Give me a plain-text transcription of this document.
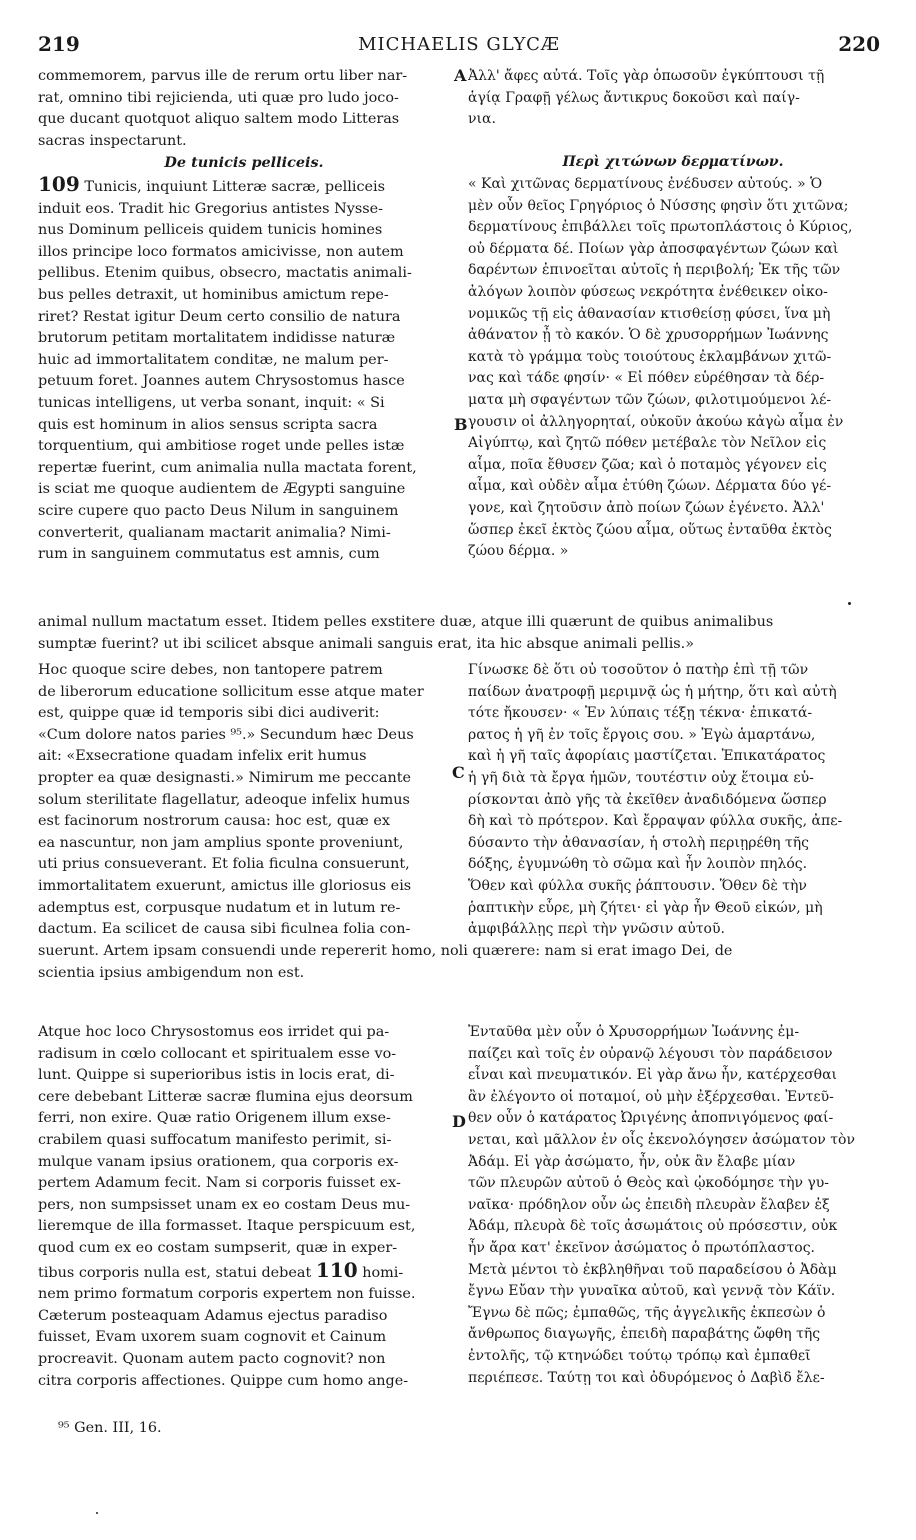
219	MICHAELIS GLYCÆ	220
A
B
C
D
commemorem, parvus ille de rerum ortu liber nar-
rat, omnino tibi rejicienda, uti quæ pro ludo joco-
que ducant quotquot aliquo saltem modo Litteras
sacras inspectarunt.
Ἀλλ' ἄφες αὐτά. Τοῖς γὰρ ὁπωσοῦν ἐγκύπτουσι τῇ
ἁγίᾳ Γραφῇ γέλως ἄντικρυς δοκοῦσι καὶ παίγ-
νια.
De tunicis pelliceis.	Περὶ χιτώνων δερματίνων.
109 Tunicis, inquiunt Litteræ sacræ, pelliceis
induit eos. Tradit hic Gregorius antistes Nysse-
nus Dominum pelliceis quidem tunicis homines
illos principe loco formatos amicivisse, non autem
pellibus. Etenim quibus, obsecro, mactatis animali-
bus pelles detraxit, ut hominibus amictum repe-
riret? Restat igitur Deum certo consilio de natura
brutorum petitam mortalitatem indidisse naturæ
huic ad immortalitatem conditæ, ne malum per-
petuum foret. Joannes autem Chrysostomus hasce
tunicas intelligens, ut verba sonant, inquit: « Si
quis est hominum in alios sensus scripta sacra
torquentium, qui ambitiose roget unde pelles istæ
repertæ fuerint, cum animalia nulla mactata forent,
is sciat me quoque audientem de Ægypti sanguine
scire cupere quo pacto Deus Nilum in sanguinem
converterit, qualianam mactarit animalia? Nimi-
rum in sanguinem commutatus est amnis, cum
« Καὶ χιτῶνας δερματίνους ἐνέδυσεν αὐτούς. » Ὁ
μὲν οὖν θεῖος Γρηγόριος ὁ Νύσσης φησὶν ὅτι χιτῶνα;
δερματίνους ἐπιβάλλει τοῖς πρωτοπλάστοις ὁ Κύριος,
οὐ δέρματα δέ. Ποίων γὰρ ἀποσφαγέντων ζώων καὶ
δαρέντων ἐπινοεῖται αὐτοῖς ἡ περιβολή; Ἐκ τῆς τῶν
ἀλόγων λοιπὸν φύσεως νεκρότητα ἐνέθεικεν οἰκο-
νομικῶς τῇ εἰς ἀθανασίαν κτισθείσῃ φύσει, ἵνα μὴ
ἀθάνατον ᾖ τὸ κακόν. Ὁ δὲ χρυσορρήμων Ἰωάννης
κατὰ τὸ γράμμα τοὺς τοιούτους ἐκλαμβάνων χιτῶ-
νας καὶ τάδε φησίν· « Εἰ πόθεν εὑρέθησαν τὰ δέρ-
ματα μὴ σφαγέντων τῶν ζώων, φιλοτιμούμενοι λέ-
γουσιν οἱ ἀλληγορηταί, οὐκοῦν ἀκούω κἀγὼ αἷμα ἐν
Αἰγύπτῳ, καὶ ζητῶ πόθεν μετέβαλε τὸν Νεῖλον εἰς
αἷμα, ποῖα ἔθυσεν ζῶα; καὶ ὁ ποταμὸς γέγονεν εἰς
αἷμα, καὶ οὐδὲν αἷμα ἐτύθη ζώων. Δέρματα δύο γέ-
γονε, καὶ ζητοῦσιν ἀπὸ ποίων ζώων ἐγένετο. Ἀλλ'
ὥσπερ ἐκεῖ ἐκτὸς ζώου αἷμα, οὕτως ἐνταῦθα ἐκτὸς
ζώου δέρμα. »
animal nullum mactatum esset. Itidem pelles exstitere duæ, atque illi quærunt de quibus animalibus
sumptæ fuerint? ut ibi scilicet absque animali sanguis erat, ita hic absque animali pellis.»
Hoc quoque scire debes, non tantopere patrem
de liberorum educatione sollicitum esse atque mater
est, quippe quæ id temporis sibi dici audiverit:
«Cum dolore natos paries ⁹⁵.» Secundum hæc Deus
ait: «Exsecratione quadam infelix erit humus
propter ea quæ designasti.» Nimirum me peccante
solum sterilitate flagellatur, adeoque infelix humus
est facinorum nostrorum causa: hoc est, quæ ex
ea nascuntur, non jam amplius sponte proveniunt,
uti prius consueverant. Et folia ficulna consuerunt,
immortalitatem exuerunt, amictus ille gloriosus eis
ademptus est, corpusque nudatum et in lutum re-
dactum. Ea scilicet de causa sibi ficulnea folia con-
Γίνωσκε δὲ ὅτι οὐ τοσοῦτον ὁ πατὴρ ἐπὶ τῇ τῶν
παίδων ἀνατροφῇ μεριμνᾷ ὡς ἡ μήτηρ, ὅτι καὶ αὐτὴ
τότε ἤκουσεν· « Ἐν λύπαις τέξῃ τέκνα· ἐπικατά-
ρατος ἡ γῆ ἐν τοῖς ἔργοις σου. » Ἐγὼ ἁμαρτάνω,
καὶ ἡ γῆ ταῖς ἀφορίαις μαστίζεται. Ἐπικατάρατος
ἡ γῆ διὰ τὰ ἔργα ἡμῶν, τουτέστιν οὐχ ἕτοιμα εὑ-
ρίσκονται ἀπὸ γῆς τὰ ἐκεῖθεν ἀναδιδόμενα ὥσπερ
δὴ καὶ τὸ πρότερον. Καὶ ἔρραψαν φύλλα συκῆς, ἀπε-
δύσαντο τὴν ἀθανασίαν, ἡ στολὴ περιῃρέθη τῆς
δόξης, ἐγυμνώθη τὸ σῶμα καὶ ἦν λοιπὸν πηλός.
Ὅθεν καὶ φύλλα συκῆς ῥάπτουσιν. Ὅθεν δὲ τὴν
ῥαπτικὴν εὗρε, μὴ ζήτει· εἰ γὰρ ἦν Θεοῦ εἰκών, μὴ
ἀμφιβάλλῃς περὶ τὴν γνῶσιν αὐτοῦ.
suerunt. Artem ipsam consuendi unde repererit homo, noli quærere: nam si erat imago Dei, de
scientia ipsius ambigendum non est.
Atque hoc loco Chrysostomus eos irridet qui pa-
radisum in cœlo collocant et spiritualem esse vo-
lunt. Quippe si superioribus istis in locis erat, di-
cere debebant Litteræ sacræ flumina ejus deorsum
ferri, non exire. Quæ ratio Origenem illum exse-
crabilem quasi suffocatum manifesto perimit, si-
mulque vanam ipsius orationem, qua corporis ex-
pertem Adamum fecit. Nam si corporis fuisset ex-
pers, non sumpsisset unam ex eo costam Deus mu-
lieremque de illa formasset. Itaque perspicuum est,
quod cum ex eo costam sumpserit, quæ in exper-
tibus corporis nulla est, statui debeat 110 homi-
nem primo formatum corporis expertem non fuisse.
Cæterum posteaquam Adamus ejectus paradiso
fuisset, Evam uxorem suam cognovit et Cainum
procreavit. Quonam autem pacto cognovit? non
citra corporis affectiones. Quippe cum homo ange-
Ἐνταῦθα μὲν οὖν ὁ Χρυσορρήμων Ἰωάννης ἐμ-
παίζει καὶ τοῖς ἐν οὐρανῷ λέγουσι τὸν παράδεισον
εἶναι καὶ πνευματικόν. Εἰ γὰρ ἄνω ἦν, κατέρχεσθαι
ἂν ἐλέγοντο οἱ ποταμοί, οὐ μὴν ἐξέρχεσθαι. Ἐντεῦ-
θεν οὖν ὁ κατάρατος Ὠριγένης ἀποπνιγόμενος φαί-
νεται, καὶ μᾶλλον ἐν οἷς ἐκενολόγησεν ἀσώματον τὸν
Ἀδάμ. Εἰ γὰρ ἀσώματο, ἦν, οὐκ ἂν ἔλαβε μίαν
τῶν πλευρῶν αὐτοῦ ὁ Θεὸς καὶ ᾠκοδόμησε τὴν γυ-
ναῖκα· πρόδηλον οὖν ὡς ἐπειδὴ πλευρὰν ἔλαβεν ἐξ
Ἀδάμ, πλευρὰ δὲ τοῖς ἀσωμάτοις οὐ πρόσεστιν, οὐκ
ἦν ἄρα κατ' ἐκεῖνον ἀσώματος ὁ πρωτόπλαστος.
Μετὰ μέντοι τὸ ἐκβληθῆναι τοῦ παραδείσου ὁ Ἀδὰμ
ἔγνω Εὔαν τὴν γυναῖκα αὐτοῦ, καὶ γεννᾷ τὸν Κάϊν.
Ἔγνω δὲ πῶς; ἐμπαθῶς, τῆς ἀγγελικῆς ἐκπεσὼν ὁ
ἄνθρωπος διαγωγῆς, ἐπειδὴ παραβάτης ὤφθη τῆς
ἐντολῆς, τῷ κτηνώδει τούτῳ τρόπῳ καὶ ἐμπαθεῖ
περιέπεσε. Ταύτῃ τοι καὶ ὀδυρόμενος ὁ Δαβὶδ ἔλε-
⁹⁵ Gen. III, 16.
